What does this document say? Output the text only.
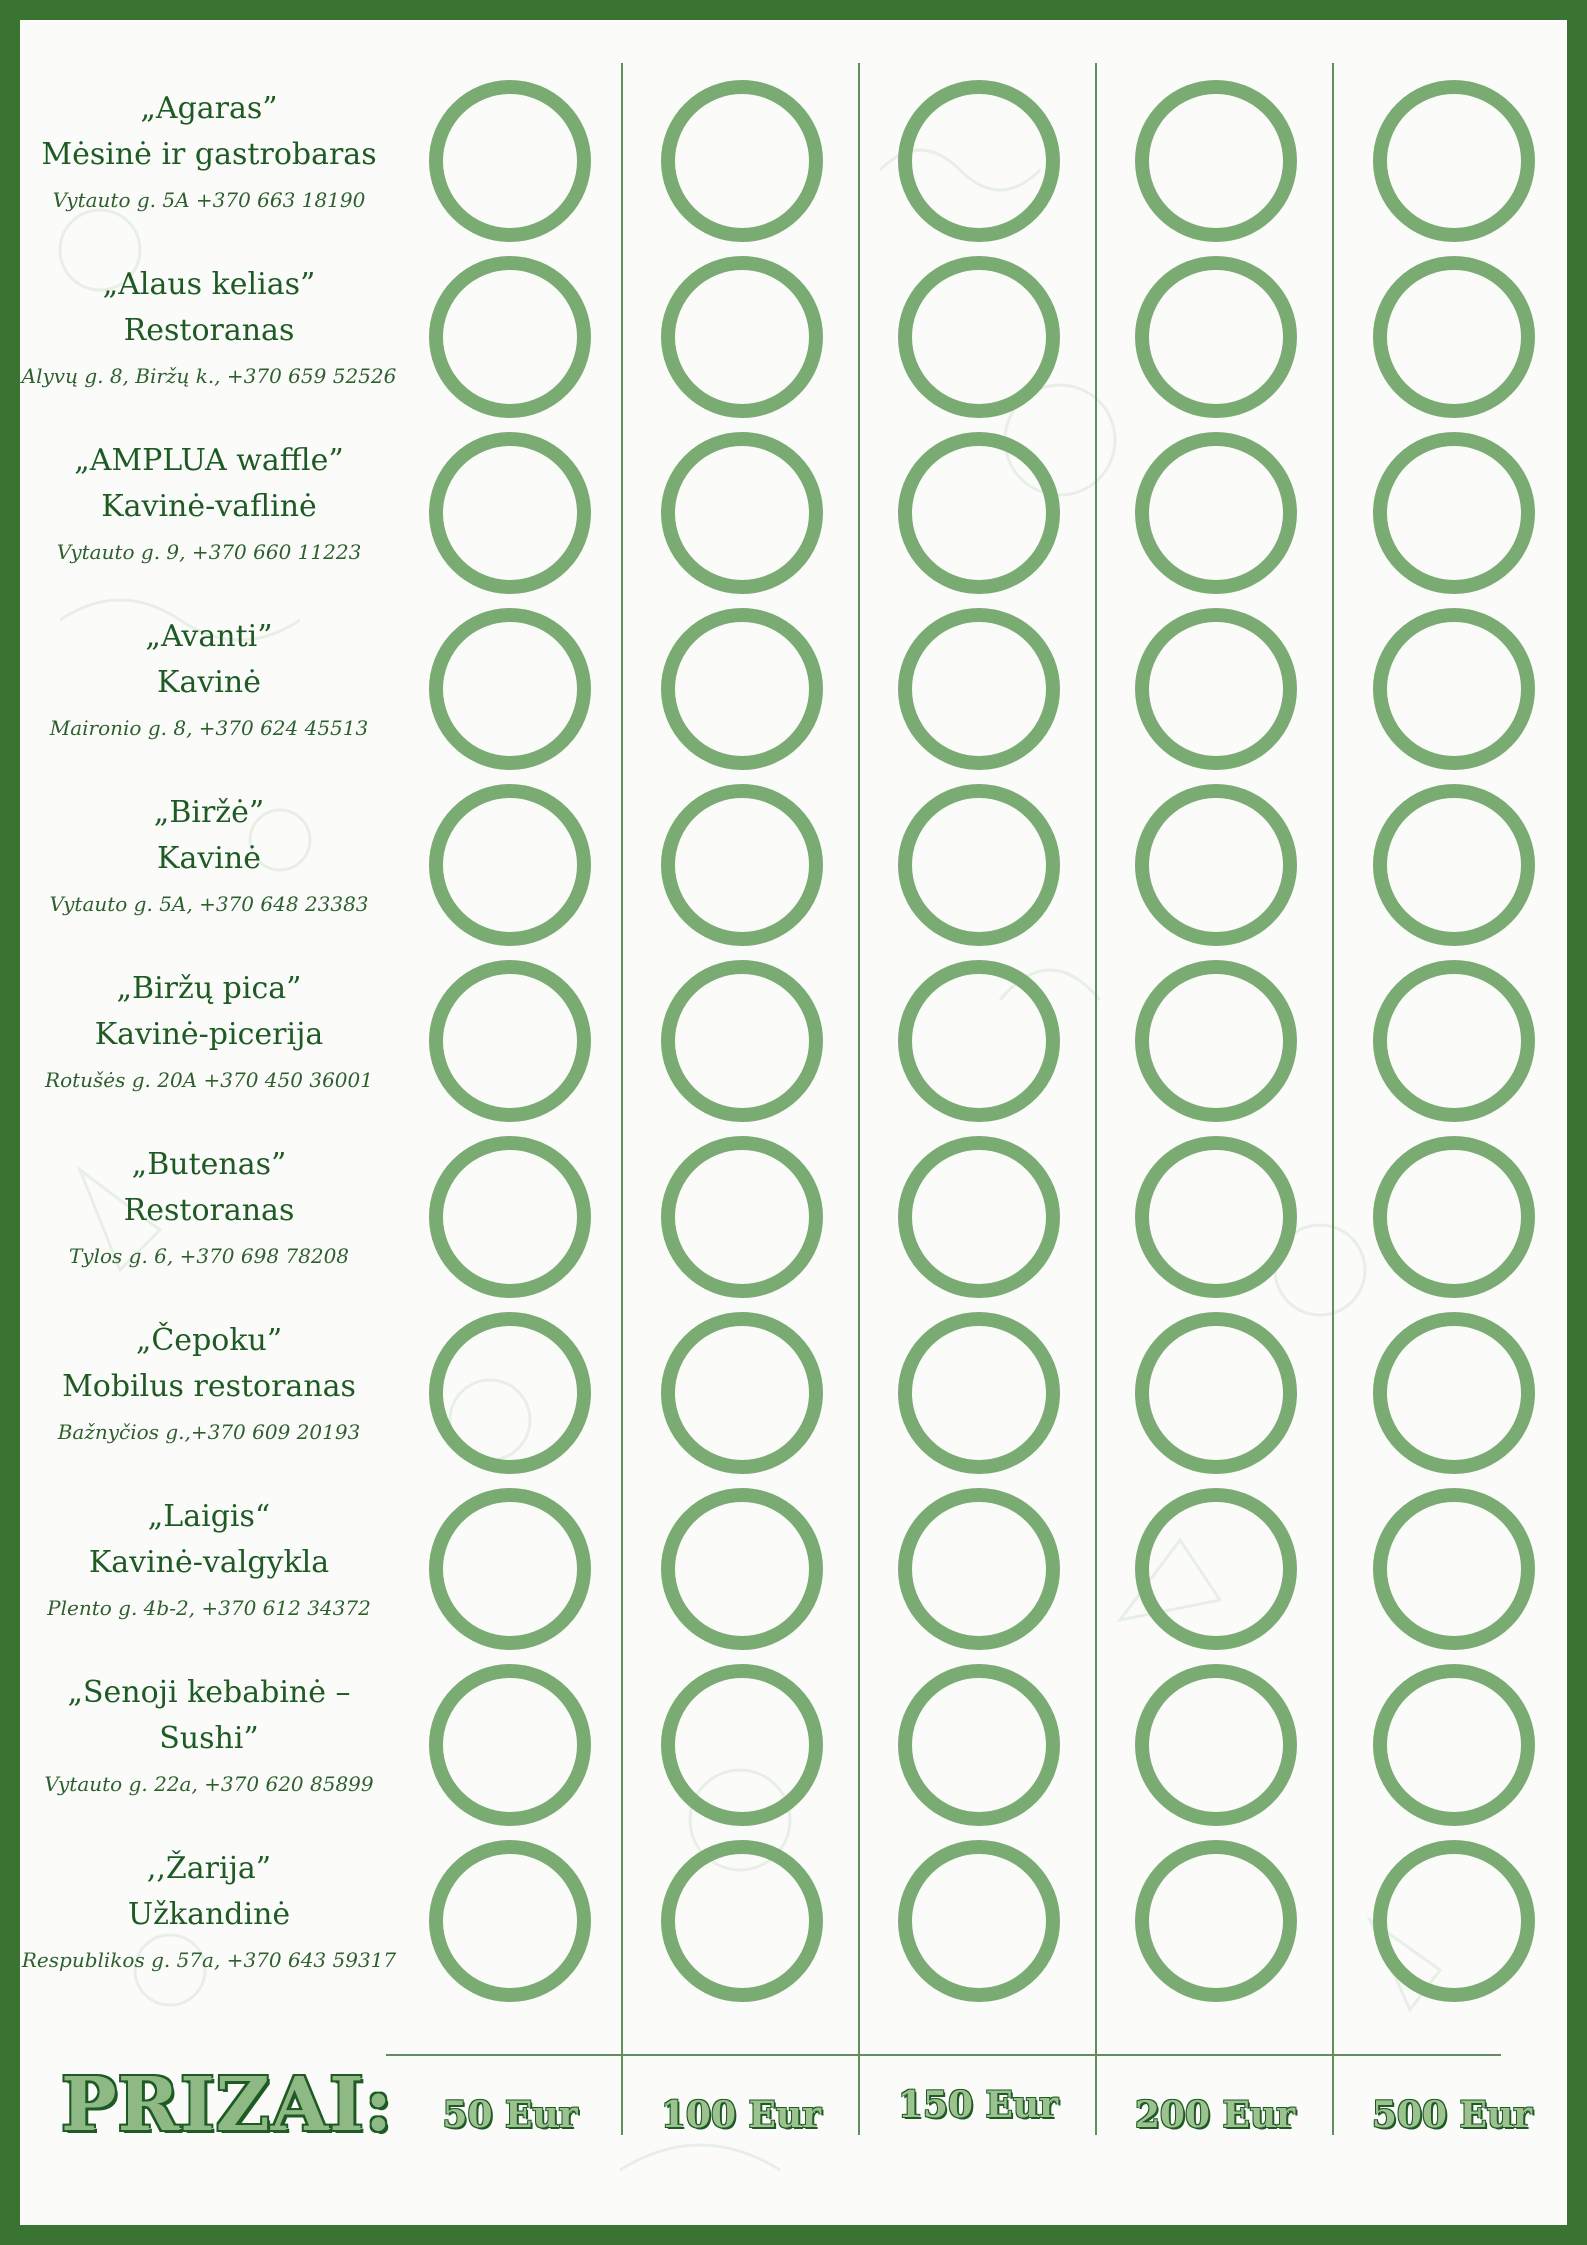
„Agaras”
Mėsinė ir gastrobaras
Vytauto g. 5A +370 663 18190
„Alaus kelias”
Restoranas
Alyvų g. 8, Biržų k., +370 659 52526
„AMPLUA waffle”
Kavinė-vaflinė
Vytauto g. 9, +370 660 11223
„Avanti”
Kavinė
Maironio g. 8, +370 624 45513
„Biržė”
Kavinė
Vytauto g. 5A, +370 648 23383
„Biržų pica”
Kavinė-picerija
Rotušės g. 20A +370 450 36001
„Butenas”
Restoranas
Tylos g. 6, +370 698 78208
„Čepoku”
Mobilus restoranas
Bažnyčios g.,+370 609 20193
„Laigis“
Kavinė-valgykla
Plento g. 4b-2, +370 612 34372
„Senoji kebabinė –
Sushi”
Vytauto g. 22a, +370 620 85899
,,Žarija”
Užkandinė
Respublikos g. 57a, +370 643 59317
PRIZAI:	50 Eur	100 Eur	150 Eur	200 Eur	500 Eur
